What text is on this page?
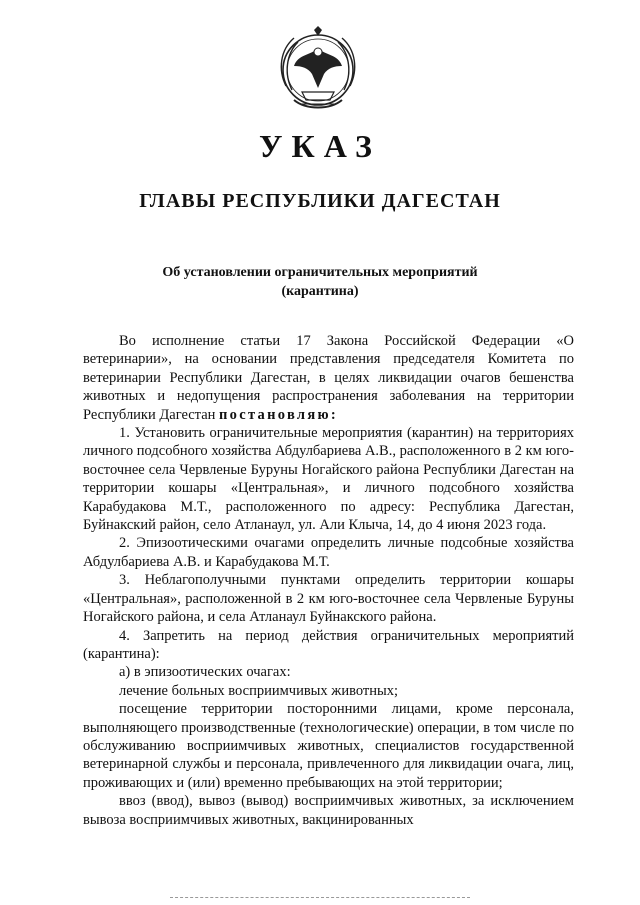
УКАЗ
ГЛАВЫ РЕСПУБЛИКИ ДАГЕСТАН
Об установлении ограничительных мероприятий
(карантина)

Во исполнение статьи 17 Закона Российской Федерации «О ветеринарии», на основании представления председателя Комитета по ветеринарии Республики Дагестан, в целях ликвидации очагов бешенства животных и недопущения распространения заболевания на территории Республики Дагестан постановляю:

1. Установить ограничительные мероприятия (карантин) на территориях личного подсобного хозяйства Абдулбариева А.В., расположенного в 2 км юго-восточнее села Червленые Буруны Ногайского района Республики Дагестан на территории кошары «Центральная», и личного подсобного хозяйства Карабудакова М.Т., расположенного по адресу: Республика Дагестан, Буйнакский район, село Атланаул, ул. Али Клыча, 14, до 4 июня 2023 года.

2. Эпизоотическими очагами определить личные подсобные хозяйства Абдулбариева А.В. и Карабудакова М.Т.

3. Неблагополучными пунктами определить территории кошары «Центральная», расположенной в 2 км юго-восточнее села Червленые Буруны Ногайского района, и села Атланаул Буйнакского района.

4. Запретить на период действия ограничительных мероприятий (карантина):

а) в эпизоотических очагах:

лечение больных восприимчивых животных;

посещение территории посторонними лицами, кроме персонала, выполняющего производственные (технологические) операции, в том числе по обслуживанию восприимчивых животных, специалистов государственной ветеринарной службы и персонала, привлеченного для ликвидации очага, лиц, проживающих и (или) временно пребывающих на этой территории;

ввоз (ввод), вывоз (вывод) восприимчивых животных, за исключением вывоза восприимчивых животных, вакцинированных
